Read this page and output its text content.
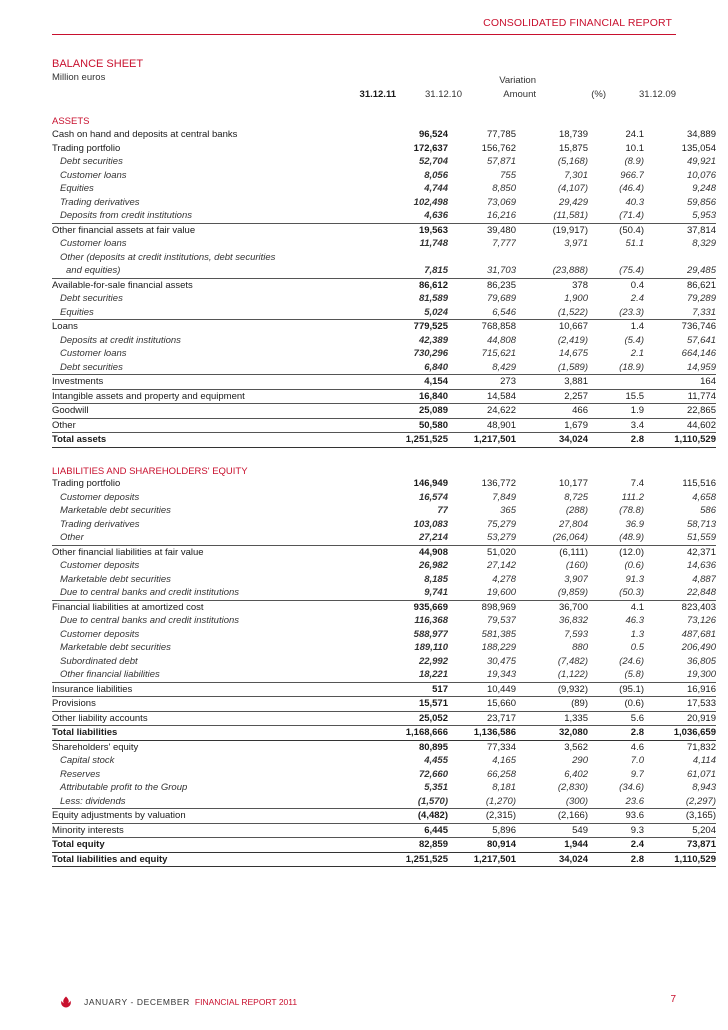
CONSOLIDATED FINANCIAL REPORT
BALANCE SHEET
Million euros	Variation
31.12.11	31.12.10	Amount	(%)	31.12.09
ASSETS
Cash on hand and deposits at central banks	96,524	77,785	18,739	24.1	34,889
Trading portfolio	172,637	156,762	15,875	10.1	135,054
Debt securities	52,704	57,871	(5,168)	(8.9)	49,921
Customer loans	8,056	755	7,301	966.7	10,076
Equities	4,744	8,850	(4,107)	(46.4)	9,248
Trading derivatives	102,498	73,069	29,429	40.3	59,856
Deposits from credit institutions	4,636	16,216	(11,581)	(71.4)	5,953
Other financial assets at fair value	19,563	39,480	(19,917)	(50.4)	37,814
Customer loans	11,748	7,777	3,971	51.1	8,329
Other (deposits at credit institutions, debt securities					
and equities)	7,815	31,703	(23,888)	(75.4)	29,485
Available-for-sale financial assets	86,612	86,235	378	0.4	86,621
Debt securities	81,589	79,689	1,900	2.4	79,289
Equities	5,024	6,546	(1,522)	(23.3)	7,331
Loans	779,525	768,858	10,667	1.4	736,746
Deposits at credit institutions	42,389	44,808	(2,419)	(5.4)	57,641
Customer loans	730,296	715,621	14,675	2.1	664,146
Debt securities	6,840	8,429	(1,589)	(18.9)	14,959
Investments	4,154	273	3,881		164
Intangible assets and property and equipment	16,840	14,584	2,257	15.5	11,774
Goodwill	25,089	24,622	466	1.9	22,865
Other	50,580	48,901	1,679	3.4	44,602
Total assets	1,251,525	1,217,501	34,024	2.8	1,110,529
LIABILITIES AND SHAREHOLDERS' EQUITY
Trading portfolio	146,949	136,772	10,177	7.4	115,516
Customer deposits	16,574	7,849	8,725	111.2	4,658
Marketable debt securities	77	365	(288)	(78.8)	586
Trading derivatives	103,083	75,279	27,804	36.9	58,713
Other	27,214	53,279	(26,064)	(48.9)	51,559
Other financial liabilities at fair value	44,908	51,020	(6,111)	(12.0)	42,371
Customer deposits	26,982	27,142	(160)	(0.6)	14,636
Marketable debt securities	8,185	4,278	3,907	91.3	4,887
Due to central banks and credit institutions	9,741	19,600	(9,859)	(50.3)	22,848
Financial liabilities at amortized cost	935,669	898,969	36,700	4.1	823,403
Due to central banks and credit institutions	116,368	79,537	36,832	46.3	73,126
Customer deposits	588,977	581,385	7,593	1.3	487,681
Marketable debt securities	189,110	188,229	880	0.5	206,490
Subordinated debt	22,992	30,475	(7,482)	(24.6)	36,805
Other financial liabilities	18,221	19,343	(1,122)	(5.8)	19,300
Insurance liabilities	517	10,449	(9,932)	(95.1)	16,916
Provisions	15,571	15,660	(89)	(0.6)	17,533
Other liability accounts	25,052	23,717	1,335	5.6	20,919
Total liabilities	1,168,666	1,136,586	32,080	2.8	1,036,659
Shareholders' equity	80,895	77,334	3,562	4.6	71,832
Capital stock	4,455	4,165	290	7.0	4,114
Reserves	72,660	66,258	6,402	9.7	61,071
Attributable profit to the Group	5,351	8,181	(2,830)	(34.6)	8,943
Less: dividends	(1,570)	(1,270)	(300)	23.6	(2,297)
Equity adjustments by valuation	(4,482)	(2,315)	(2,166)	93.6	(3,165)
Minority interests	6,445	5,896	549	9.3	5,204
Total equity	82,859	80,914	1,944	2.4	73,871
Total liabilities and equity	1,251,525	1,217,501	34,024	2.8	1,110,529
JANUARY - DECEMBER FINANCIAL REPORT 2011	7
